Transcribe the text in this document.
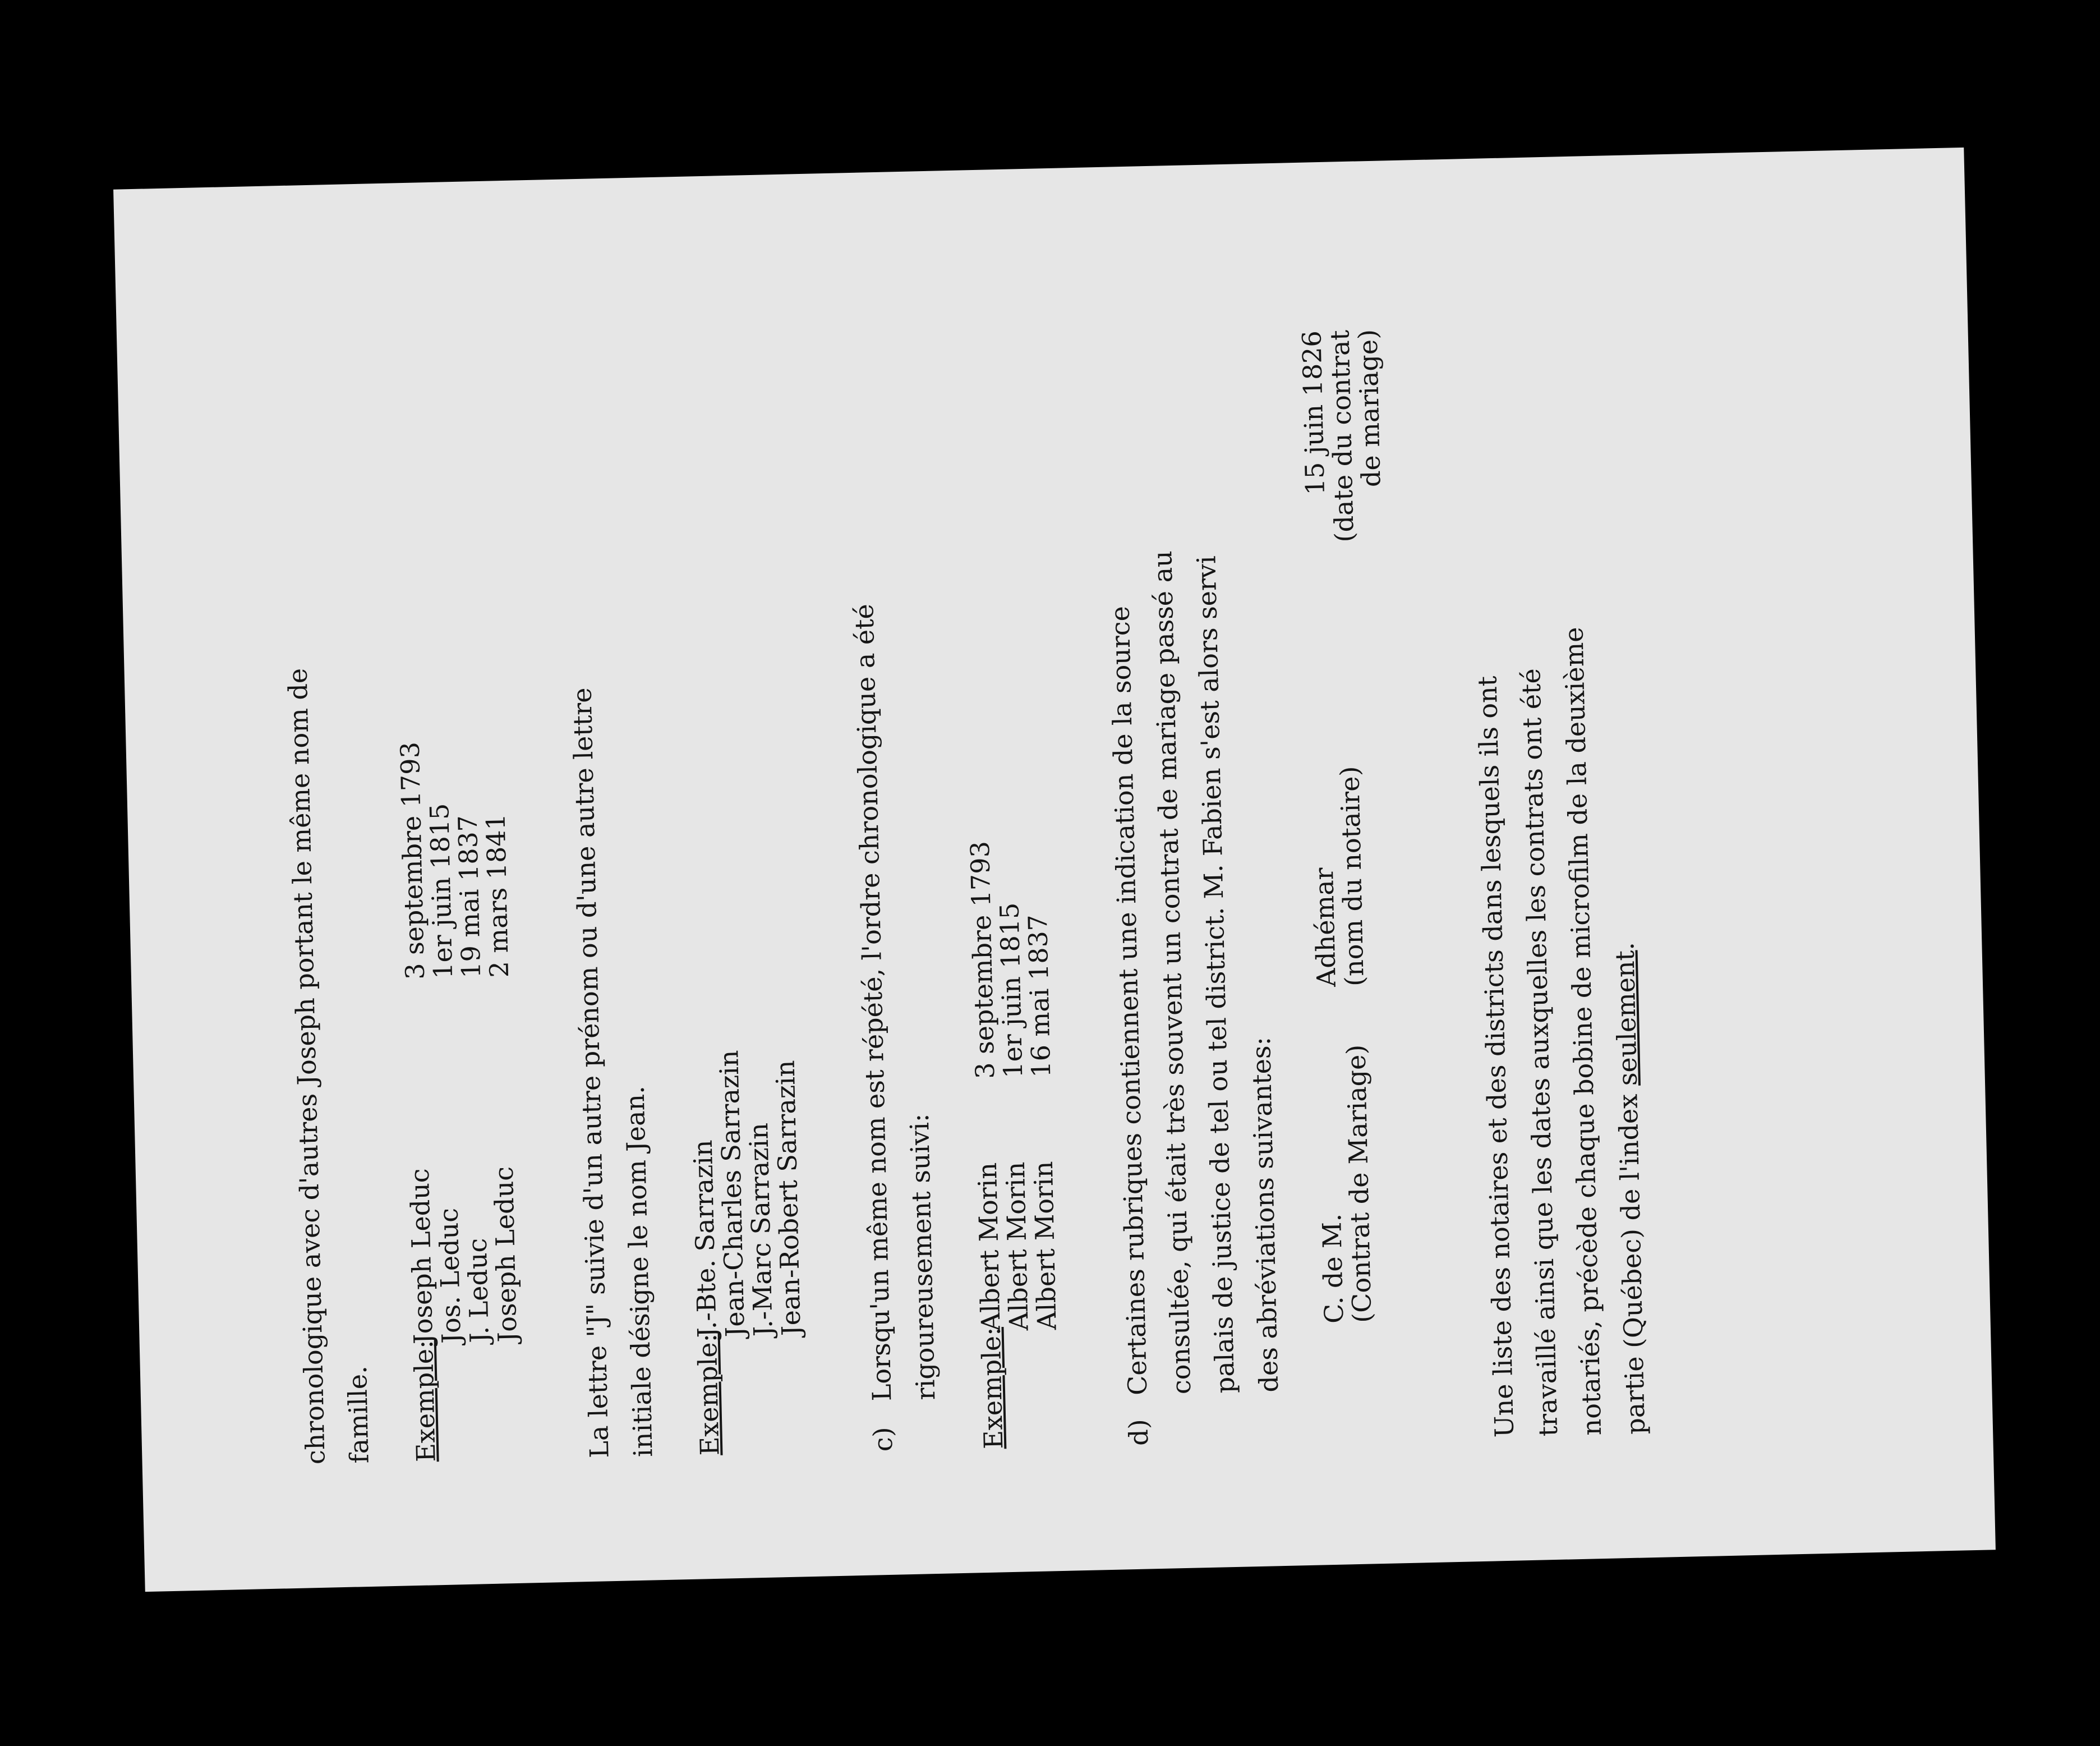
chronologique avec d'autres Joseph portant le même nom de famille. Exemple:
Joseph Leduc
Jos. Leduc
J. Leduc
Joseph Leduc
3 septembre 1793
1er juin 1815
19 mai 1837
2 mars 1841	La lettre "J" suivie d'un autre prénom ou d'une autre lettre initiale désigne le nom Jean. Exemple:
J.-Bte. Sarrazin
Jean-Charles Sarrazin
J.-Marc Sarrazin
Jean-Robert Sarrazin
c)

Lorsqu'un même nom est répété, l'ordre chronologique a été rigoureusement suivi: Exemple:
Albert Morin
Albert Morin
Albert Morin
3 septembre 1793
1er juin 1815
16 mai 1837
d)

Certaines rubriques contiennent une indication de la source

consultée, qui était très souvent un contrat de mariage passé au

palais de justice de tel ou tel district. M. Fabien s'est alors servi des abréviations suivantes: C. de M.
(Contrat de Mariage)
Adhémar
(nom du notaire)
15 juin 1826
(date du contrat
de mariage)

Une liste des notaires et des districts dans lesquels ils ont

travaillé ainsi que les dates auxquelles les contrats ont été

notariés, précède chaque bobine de microfilm de la deuxième partie (Québec) de l'index seulement.
